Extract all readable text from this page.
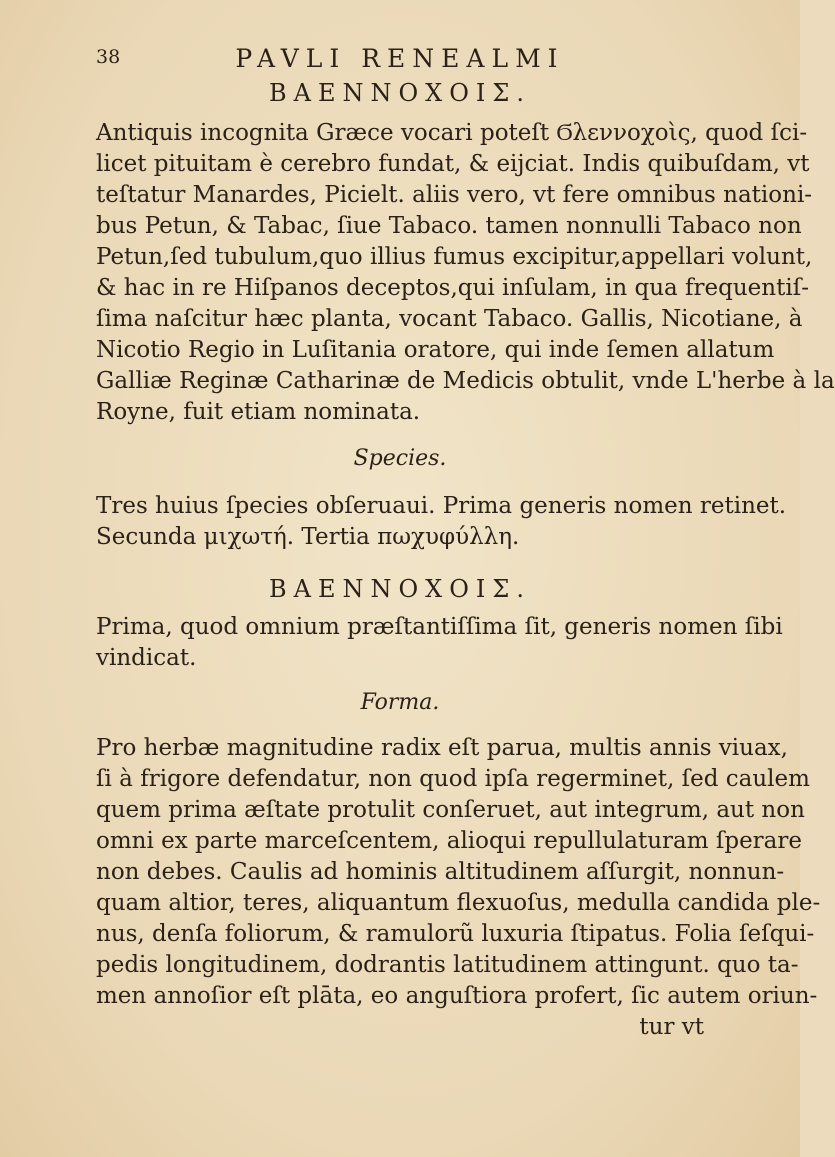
38	PAVLI RENEALMI
ΒΑΕΝΝΟΧΟΙΣ.
Antiquis incognita Græce vocari poteſt Ϭλεννοχοὶς, quod ſci-
licet pituitam è cerebro fundat, & eijciat. Indis quibuſdam, vt
teſtatur Manardes, Picielt. aliis vero, vt fere omnibus nationi-
bus Petun, & Tabac, ſiue Tabaco. tamen nonnulli Tabaco non
Petun,ſed tubulum,quo illius fumus excipitur,appellari volunt,
& hac in re Hiſpanos deceptos,qui inſulam, in qua frequentiſ-
ſima naſcitur hæc planta, vocant Tabaco. Gallis, Nicotiane, à
Nicotio Regio in Luſitania oratore, qui inde ſemen allatum
Galliæ Reginæ Catharinæ de Medicis obtulit, vnde L'herbe à la
Royne, fuit etiam nominata.
Species.
Tres huius ſpecies obſeruaui. Prima generis nomen retinet.
Secunda μιχωτή. Tertia πωχυφύλλη.
ΒΑΕΝΝΟΧΟΙΣ.
Prima, quod omnium præſtantiſſima ſit, generis nomen ſibi
vindicat.
Forma.
Pro herbæ magnitudine radix eſt parua, multis annis viuax,
ſi à frigore defendatur, non quod ipſa regerminet, ſed caulem
quem prima æſtate protulit conſeruet, aut integrum, aut non
omni ex parte marceſcentem, alioqui repullulaturam ſperare
non debes. Caulis ad hominis altitudinem aſſurgit, nonnun-
quam altior, teres, aliquantum flexuoſus, medulla candida ple-
nus, denſa foliorum, & ramulorũ luxuria ſtipatus. Folia ſeſqui-
pedis longitudinem, dodrantis latitudinem attingunt. quo ta-
men annoſior eſt plāta, eo anguſtiora profert, ſic autem oriun-
tur vt
